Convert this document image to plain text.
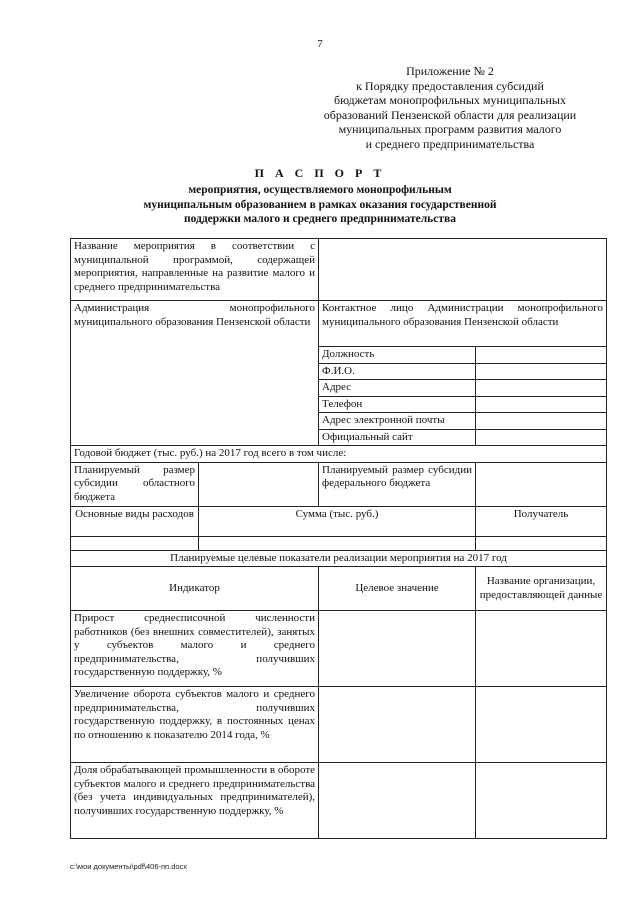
7
Приложение № 2
к Порядку предоставления субсидий
бюджетам монопрофильных муниципальных
образований Пензенской области для реализации
муниципальных программ развития малого
и среднего предпринимательства
П А С П О Р Т
мероприятия, осуществляемого монопрофильным
муниципальным образованием в рамках оказания государственной
поддержки малого и среднего предпринимательства
Название мероприятия в соответствии с муниципальной программой, содержащей мероприятия, направленные на развитие малого и среднего предпринимательства			
Администрация монопрофильного муниципального образования Пензенской области		Контактное лицо Администрации монопрофильного муниципального образования Пензенской области	
		Должность	
		Ф.И.О.	
		Адрес	
		Телефон	
		Адрес электронной почты	
		Официальный сайт	
Годовой бюджет (тыс. руб.) на 2017 год всего в том числе:			
Планируемый размер субсидии областного бюджета		Планируемый размер субсидии федерального бюджета	
Основные виды расходов	Сумма (тыс. руб.)		Получатель

Планируемые целевые показатели реализации мероприятия на 2017 год			
Индикатор		Целевое значение	Название организации, предоставляющей данные
Прирост среднесписочной численности работников (без внешних совместителей), занятых у субъектов малого и среднего предпринимательства, получивших государственную поддержку, %			
Увеличение оборота субъектов малого и среднего предпринимательства, получивших государственную поддержку, в постоянных ценах по отношению к показателю 2014 года, %			
Доля обрабатывающей промышленности в обороте субъектов малого и среднего предпринимательства (без учета индивидуальных предпринимателей), получивших государственную поддержку, %			
c:\мои документы\pdf\406-пп.docx
